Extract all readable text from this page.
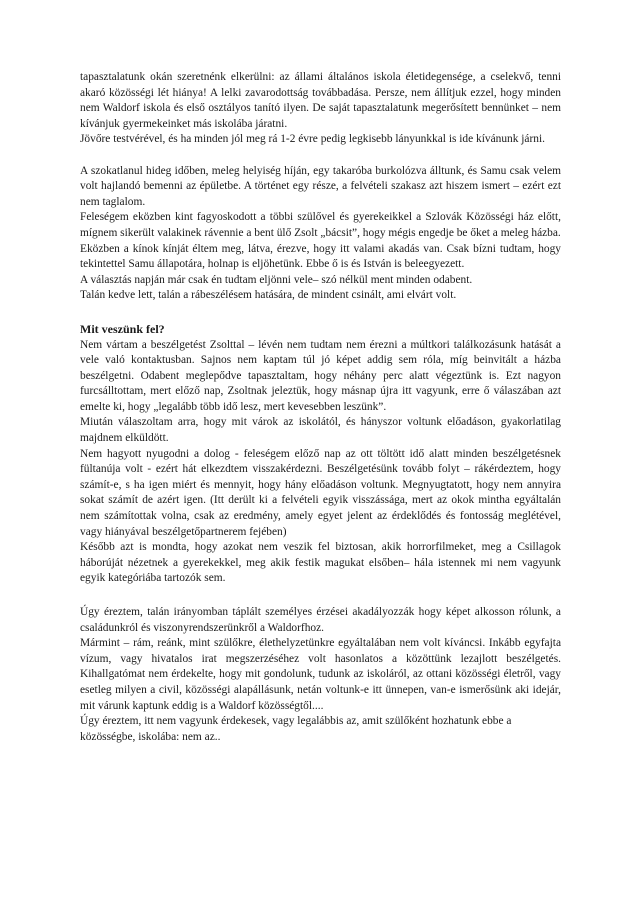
tapasztalatunk okán szeretnénk elkerülni: az állami általános iskola életidegensége, a cselekvő, tenni akaró közösségi lét hiánya! A lelki zavarodottság továbbadása. Persze, nem állítjuk ezzel, hogy minden nem Waldorf iskola és első osztályos tanító ilyen. De saját tapasztalatunk megerősített bennünket – nem kívánjuk gyermekeinket más iskolába járatni.

Jövőre testvérével, és ha minden jól meg rá 1-2 évre pedig legkisebb lányunkkal is ide kívánunk járni.

A szokatlanul hideg időben, meleg helyiség híján, egy takaróba burkolózva álltunk, és Samu csak velem volt hajlandó bemenni az épületbe. A történet egy része, a felvételi szakasz azt hiszem ismert – ezért ezt nem taglalom.

Feleségem eközben kint fagyoskodott a többi szülővel és gyerekeikkel a Szlovák Közösségi ház előtt, mígnem sikerült valakinek rávennie a bent ülő Zsolt „bácsit”, hogy mégis engedje be őket a meleg házba.

Eközben a kínok kínját éltem meg, látva, érezve, hogy itt valami akadás van. Csak bízni tudtam, hogy tekintettel Samu állapotára, holnap is eljöhetünk. Ebbe ő is és István is beleegyezett.

A választás napján már csak én tudtam eljönni vele– szó nélkül ment minden odabent.

Talán kedve lett, talán a rábeszélésem hatására, de mindent csinált, ami elvárt volt.

Mit veszünk fel?

Nem vártam a beszélgetést Zsolttal – lévén nem tudtam nem érezni a múltkori találkozásunk hatását a vele való kontaktusban. Sajnos nem kaptam túl jó képet addig sem róla, míg beinvitált a házba beszélgetni. Odabent meglepődve tapasztaltam, hogy néhány perc alatt végeztünk is. Ezt nagyon furcsálltottam, mert előző nap, Zsoltnak jeleztük, hogy másnap újra itt vagyunk, erre ő válaszában azt emelte ki, hogy „legalább több idő lesz, mert kevesebben leszünk”.

Miután válaszoltam arra, hogy mit várok az iskolától, és hányszor voltunk előadáson, gyakorlatilag majdnem elküldött.

Nem hagyott nyugodni a dolog - feleségem előző nap az ott töltött idő alatt minden beszélgetésnek fültanúja volt - ezért hát elkezdtem visszakérdezni. Beszélgetésünk tovább folyt – rákérdeztem, hogy számít-e, s ha igen miért és mennyit, hogy hány előadáson voltunk. Megnyugtatott, hogy nem annyira sokat számít de azért igen. (Itt derült ki a felvételi egyik visszássága, mert az okok mintha egyáltalán nem számítottak volna, csak az eredmény, amely egyet jelent az érdeklődés és fontosság meglétével, vagy hiányával beszélgetőpartnerem fejében)

Később azt is mondta, hogy azokat nem veszik fel biztosan, akik horrorfilmeket, meg a Csillagok háborúját nézetnek a gyerekekkel, meg akik festik magukat elsőben– hála istennek mi nem vagyunk egyik kategóriába tartozók sem.

Úgy éreztem, talán irányomban táplált személyes érzései akadályozzák hogy képet alkosson rólunk, a családunkról és viszonyrendszerünkről a Waldorfhoz.

Mármint – rám, reánk, mint szülőkre, élethelyzetünkre egyáltalában nem volt kíváncsi. Inkább egyfajta vízum, vagy hivatalos irat megszerzéséhez volt hasonlatos a közöttünk lezajlott beszélgetés. Kihallgatómat nem érdekelte, hogy mit gondolunk, tudunk az iskoláról, az ottani közösségi életről, vagy esetleg milyen a civil, közösségi alapállásunk, netán voltunk-e itt ünnepen, van-e ismerősünk aki idejár, mit várunk kaptunk eddig is a Waldorf közösségtől....

Úgy éreztem, itt nem vagyunk érdekesek, vagy legalábbis az, amit szülőként hozhatunk ebbe a közösségbe, iskolába: nem az..
